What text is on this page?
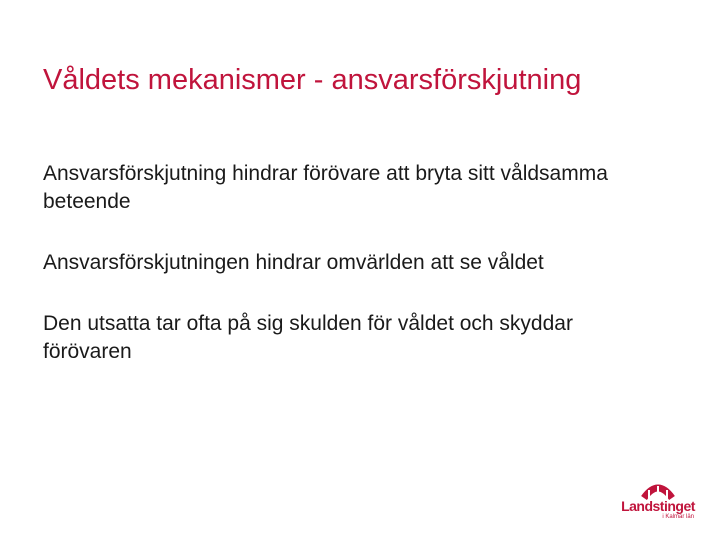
Våldets mekanismer - ansvarsförskjutning
Ansvarsförskjutning hindrar förövare att bryta sitt våldsamma beteende
Ansvarsförskjutningen hindrar omvärlden att se våldet
Den utsatta tar ofta på sig skulden för våldet och skyddar förövaren
Landstinget
i Kalmar län
